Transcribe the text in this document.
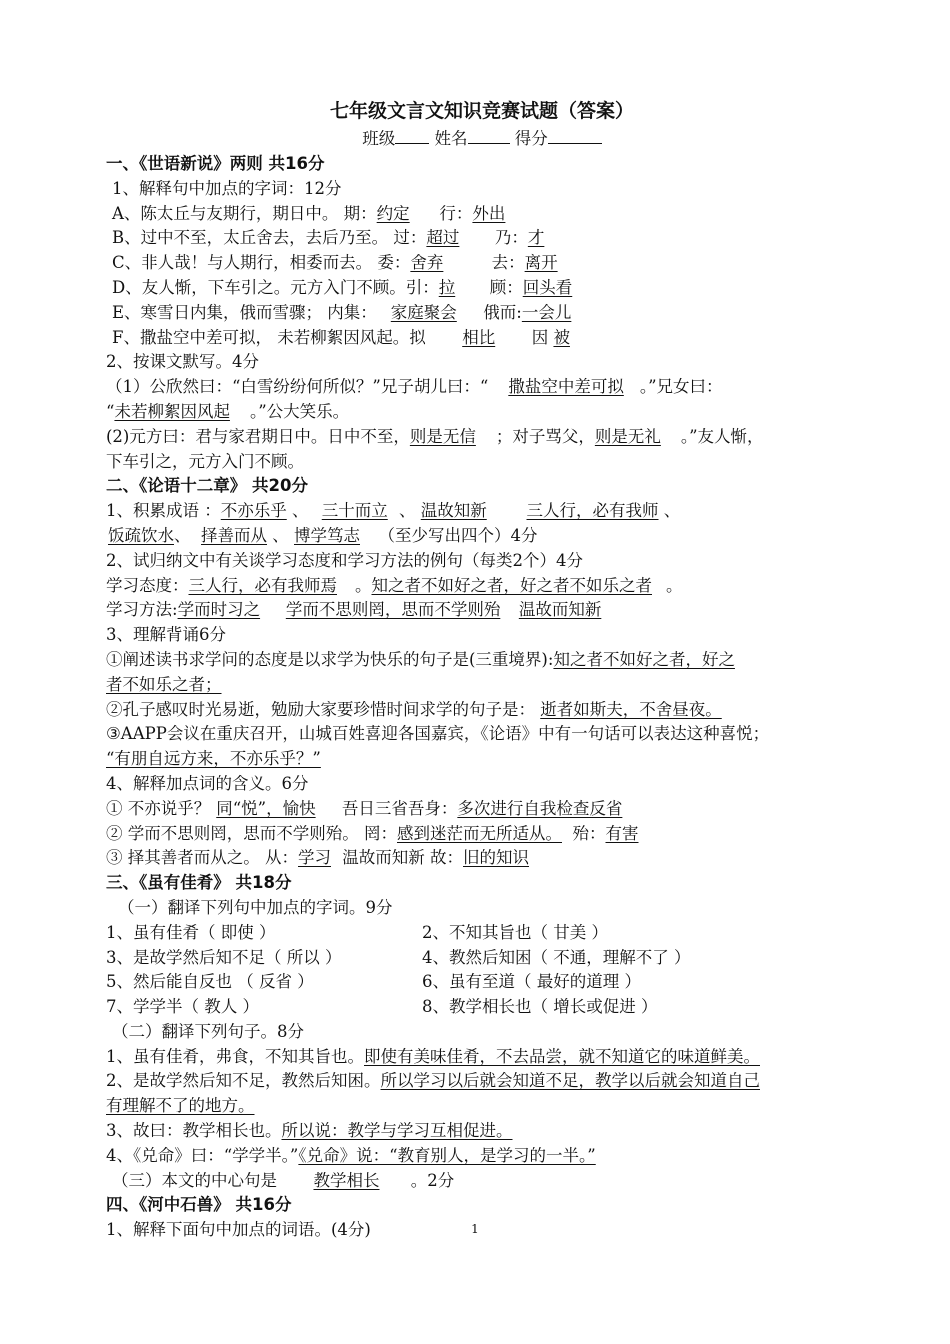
七年级文言文知识竞赛试题（答案）
班级 姓名	得分
一、《世语新说》两则 共16分
1、解释句中加点的字词：12分
A、陈太丘与友期行，期日中。 期：约定 行：外出
B、过中不至，太丘舍去，去后乃至。 过：超过 乃：才
C、非人哉！与人期行，相委而去。 委：舍弃	去：离开
D、友人惭，下车引之。元方入门不顾。引：拉 顾：回头看
E、寒雪日内集，俄而雪骤； 内集： 家庭聚会 俄而:一会儿
F、撒盐空中差可拟， 未若柳絮因风起。拟 相比 因 被
2、按课文默写。4分
（1）公欣然曰：“白雪纷纷何所似？”兄子胡儿曰：“ 撒盐空中差可拟 。”兄女曰：
“未若柳絮因风起 。”公大笑乐。
(2)元方曰：君与家君期日中。日中不至，则是无信 ；对子骂父，则是无礼 。”友人惭，
下车引之，元方入门不顾。
二、《论语十二章》 共20分
1、积累成语 ：不亦乐乎 、 三十而立 、 温故知新 三人行，必有我师 、
饭疏饮水、  择善而从 、 博学笃志 （至少写出四个）4分
2、试归纳文中有关谈学习态度和学习方法的例句（每类2个）4分
学习态度：三人行，必有我师焉 。知之者不如好之者，好之者不如乐之者 。
学习方法:学而时习之 学而不思则罔，思而不学则殆 温故而知新
3、理解背诵6分
①阐述读书求学问的态度是以求学为快乐的句子是(三重境界):知之者不如好之者，好之
者不如乐之者；
②孔子感叹时光易逝，勉励大家要珍惜时间求学的句子是： 逝者如斯夫，不舍昼夜。
③AAPP会议在重庆召开，山城百姓喜迎各国嘉宾，《论语》中有一句话可以表达这种喜悦；
“有朋自远方来，不亦乐乎？”
4、解释加点词的含义。6分
① 不亦说乎？ 同“悦”，愉快 吾日三省吾身：多次进行自我检查反省
② 学而不思则罔，思而不学则殆。 罔：感到迷茫而无所适从。 殆：有害
③ 择其善者而从之。 从：学习 温故而知新 故：旧的知识
三、《虽有佳肴》 共18分
（一）翻译下列句中加点的字词。9分
1、虽有佳肴（ 即使 ）	2、不知其旨也（ 甘美 ）
3、是故学然后知不足（ 所以 ）	4、教然后知困（ 不通，理解不了 ）
5、然后能自反也 （ 反省 ）	6、虽有至道（ 最好的道理 ）
7、学学半（ 教人 ）	8、教学相长也（ 增长或促进 ）
（二）翻译下列句子。8分
1、虽有佳肴，弗食，不知其旨也。即使有美味佳肴，不去品尝，就不知道它的味道鲜美。
2、是故学然后知不足，教然后知困。所以学习以后就会知道不足，教学以后就会知道自己
有理解不了的地方。
3、故曰：教学相长也。所以说：教学与学习互相促进。
4、《兑命》曰：“学学半。”《兑命》说：“教育别人，是学习的一半。”
（三）本文的中心句是 教学相长 。2分
四、《河中石兽》 共16分
1、解释下面句中加点的词语。(4分)	1
